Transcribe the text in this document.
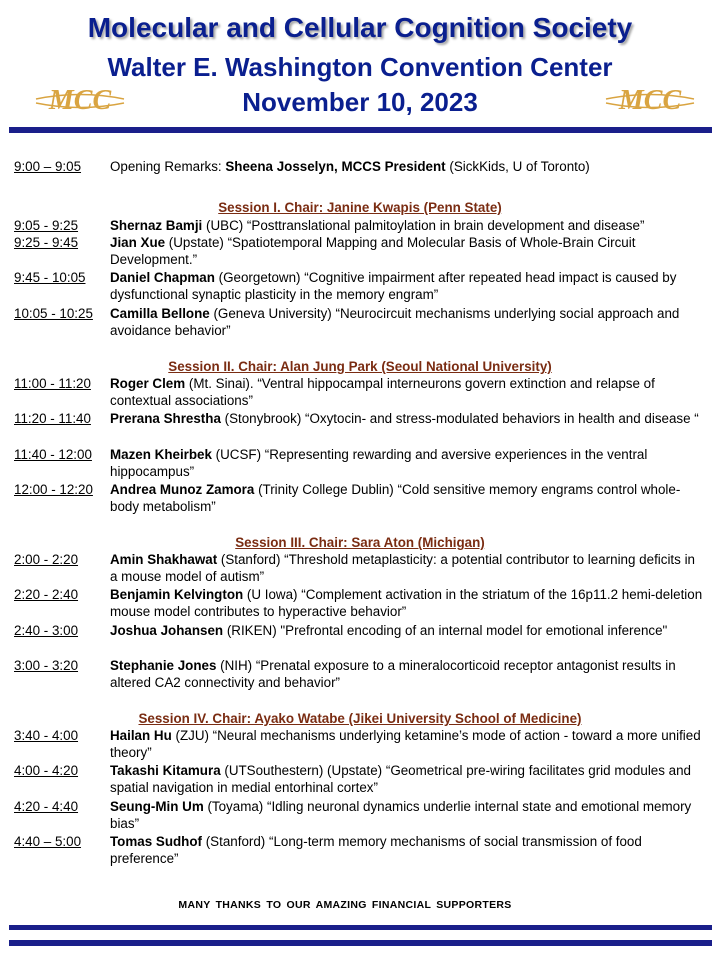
Molecular and Cellular Cognition Society
Walter E. Washington Convention Center
November 10, 2023
MCC	MCC
9:00 – 9:05 Opening Remarks: Sheena Josselyn, MCCS President (SickKids, U of Toronto)
Session I. Chair: Janine Kwapis (Penn State)
9:05 - 9:25 Shernaz Bamji (UBC) “Posttranslational palmitoylation in brain development and disease”
9:25 - 9:45 Jian Xue (Upstate) “Spatiotemporal Mapping and Molecular Basis of Whole-Brain Circuit Development.”
9:45 - 10:05 Daniel Chapman (Georgetown) “Cognitive impairment after repeated head impact is caused by dysfunctional synaptic plasticity in the memory engram”
10:05 - 10:25 Camilla Bellone (Geneva University) “Neurocircuit mechanisms underlying social approach and avoidance behavior”
Session II. Chair: Alan Jung Park (Seoul National University)
11:00 - 11:20 Roger Clem (Mt. Sinai). “Ventral hippocampal interneurons govern extinction and relapse of contextual associations”
11:20 - 11:40 Prerana Shrestha (Stonybrook) “Oxytocin- and stress-modulated behaviors in health and disease “
11:40 - 12:00 Mazen Kheirbek (UCSF) “Representing rewarding and aversive experiences in the ventral hippocampus”
12:00 - 12:20 Andrea Munoz Zamora (Trinity College Dublin) “Cold sensitive memory engrams control whole-body metabolism”
Session III. Chair: Sara Aton (Michigan)
2:00 - 2:20 Amin Shakhawat (Stanford) “Threshold metaplasticity: a potential contributor to learning deficits in a mouse model of autism”
2:20 - 2:40 Benjamin Kelvington (U Iowa) “Complement activation in the striatum of the 16p11.2 hemi-deletion mouse model contributes to hyperactive behavior”
2:40 - 3:00 Joshua Johansen (RIKEN) "Prefrontal encoding of an internal model for emotional inference"
3:00 - 3:20 Stephanie Jones (NIH) “Prenatal exposure to a mineralocorticoid receptor antagonist results in altered CA2 connectivity and behavior”
Session IV. Chair: Ayako Watabe (Jikei University School of Medicine)
3:40 - 4:00 Hailan Hu (ZJU) “Neural mechanisms underlying ketamine’s mode of action - toward a more unified theory”
4:00 - 4:20 Takashi Kitamura (UTSouthestern) (Upstate) “Geometrical pre-wiring facilitates grid modules and spatial navigation in medial entorhinal cortex”
4:20 - 4:40 Seung-Min Um (Toyama) “Idling neuronal dynamics underlie internal state and emotional memory bias”
4:40 – 5:00 Tomas Sudhof (Stanford) “Long-term memory mechanisms of social transmission of food preference”
MANY THANKS TO OUR AMAZING FINANCIAL SUPPORTERS
